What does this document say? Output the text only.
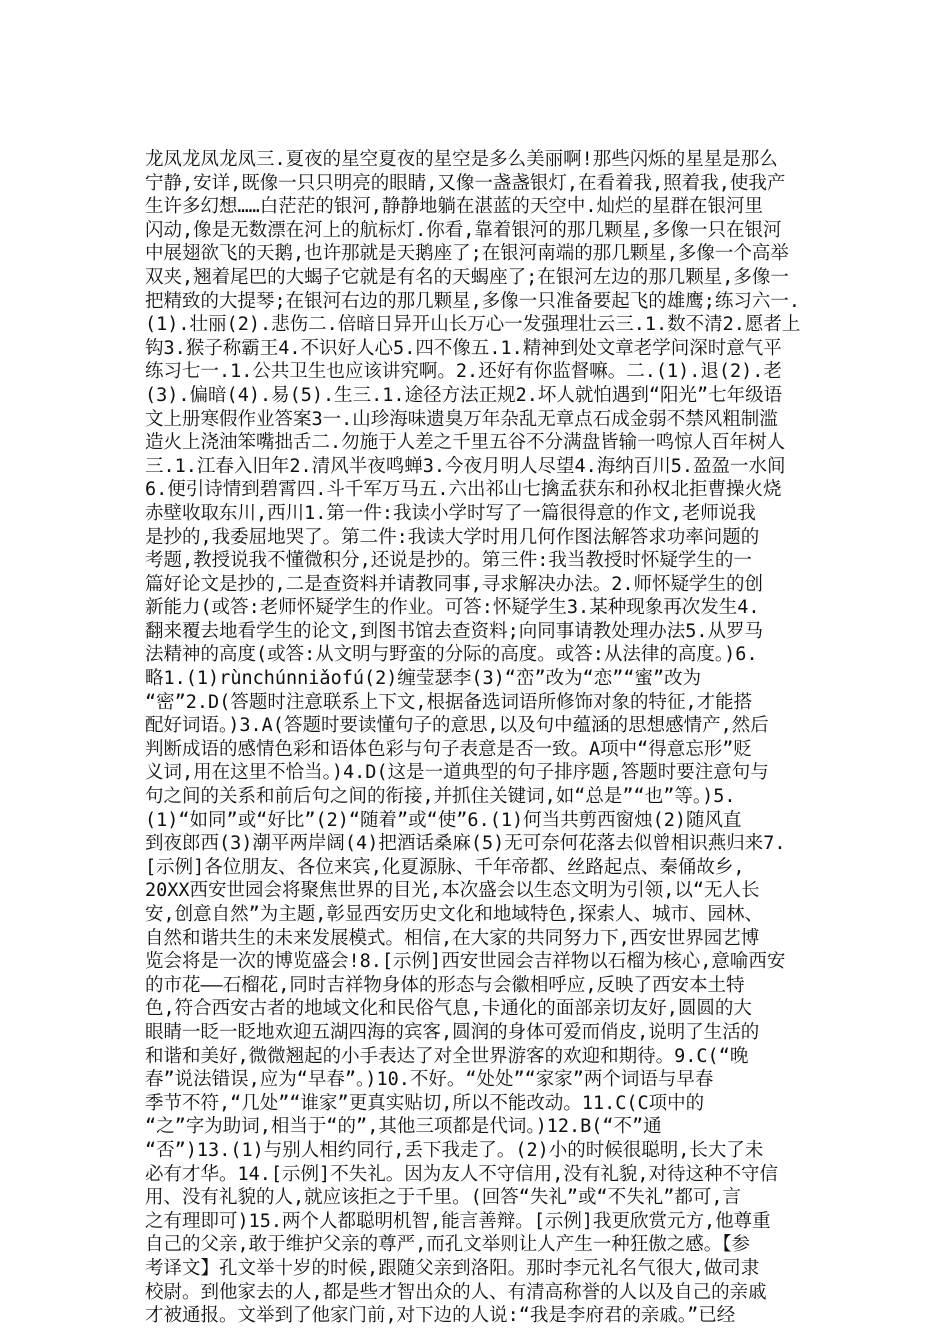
龙凤龙凤龙凤三.夏夜的星空夏夜的星空是多么美丽啊!那些闪烁的星星是那么
宁静,安详,既像一只只明亮的眼睛,又像一盏盏银灯,在看着我,照着我,使我产
生许多幻想……白茫茫的银河,静静地躺在湛蓝的天空中.灿烂的星群在银河里
闪动,像是无数漂在河上的航标灯.你看,靠着银河的那几颗星,多像一只在银河
中展翅欲飞的天鹅,也许那就是天鹅座了;在银河南端的那几颗星,多像一个高举
双夹,翘着尾巴的大蝎子它就是有名的天蝎座了;在银河左边的那几颗星,多像一
把精致的大提琴;在银河右边的那几颗星,多像一只准备要起飞的雄鹰;练习六一.
(1).壮丽(2).悲伤二.倍暗日异开山长万心一发强理壮云三.1.数不清2.愿者上
钩3.猴子称霸王4.不识好人心5.四不像五.1.精神到处文章老学问深时意气平
练习七一.1.公共卫生也应该讲究啊。2.还好有你监督嘛。二.(1).退(2).老
(3).偏暗(4).易(5).生三.1.途径方法正规2.坏人就怕遇到“阳光”七年级语
文上册寒假作业答案3一.山珍海味遗臭万年杂乱无章点石成金弱不禁风粗制滥
造火上浇油笨嘴拙舌二.勿施于人差之千里五谷不分满盘皆输一鸣惊人百年树人
三.1.江春入旧年2.清风半夜鸣蝉3.今夜月明人尽望4.海纳百川5.盈盈一水间
6.便引诗情到碧霄四.斗千军万马五.六出祁山七擒孟获东和孙权北拒曹操火烧
赤壁收取东川,西川1.第一件:我读小学时写了一篇很得意的作文,老师说我
是抄的,我委屈地哭了。第二件:我读大学时用几何作图法解答求功率问题的
考题,教授说我不懂微积分,还说是抄的。第三件:我当教授时怀疑学生的一
篇好论文是抄的,二是查资料并请教同事,寻求解决办法。2.师怀疑学生的创
新能力(或答:老师怀疑学生的作业。可答:怀疑学生3.某种现象再次发生4.
翻来覆去地看学生的论文,到图书馆去查资料;向同事请教处理办法5.从罗马
法精神的高度(或答:从文明与野蛮的分际的高度。或答:从法律的高度。)6.
略1.(1)rùnchúnniǎofú(2)缠莹瑟李(3)“峦”改为“恋”“蜜”改为
“密”2.D(答题时注意联系上下文,根据备选词语所修饰对象的特征,才能搭
配好词语。)3.A(答题时要读懂句子的意思,以及句中蕴涵的思想感情产,然后
判断成语的感情色彩和语体色彩与句子表意是否一致。A项中“得意忘形”贬
义词,用在这里不恰当。)4.D(这是一道典型的句子排序题,答题时要注意句与
句之间的关系和前后句之间的衔接,并抓住关键词,如“总是”“也”等。)5.
(1)“如同”或“好比”(2)“随着”或“使”6.(1)何当共剪西窗烛(2)随风直
到夜郎西(3)潮平两岸阔(4)把酒话桑麻(5)无可奈何花落去似曾相识燕归来7.
[示例]各位朋友、各位来宾,化夏源脉、千年帝都、丝路起点、秦俑故乡,
20XX西安世园会将聚焦世界的目光,本次盛会以生态文明为引领,以“无人长
安,创意自然”为主题,彰显西安历史文化和地域特色,探索人、城市、园林、
自然和谐共生的未来发展模式。相信,在大家的共同努力下,西安世界园艺博
览会将是一次的博览盛会!8.[示例]西安世园会吉祥物以石榴为核心,意喻西安
的市花——石榴花,同时吉祥物身体的形态与会徽相呼应,反映了西安本土特
色,符合西安古者的地域文化和民俗气息,卡通化的面部亲切友好,圆圆的大
眼睛一眨一眨地欢迎五湖四海的宾客,圆润的身体可爱而俏皮,说明了生活的
和谐和美好,微微翘起的小手表达了对全世界游客的欢迎和期待。9.C(“晚
春”说法错误,应为“早春”。)10.不好。“处处”“家家”两个词语与早春
季节不符,“几处”“谁家”更真实贴切,所以不能改动。11.C(C项中的
“之”字为助词,相当于“的”,其他三项都是代词。)12.B(“不”通
“否”)13.(1)与别人相约同行,丢下我走了。(2)小的时候很聪明,长大了未
必有才华。14.[示例]不失礼。因为友人不守信用,没有礼貌,对待这种不守信
用、没有礼貌的人,就应该拒之于千里。(回答“失礼”或“不失礼”都可,言
之有理即可)15.两个人都聪明机智,能言善辩。[示例]我更欣赏元方,他尊重
自己的父亲,敢于维护父亲的尊严,而孔文举则让人产生一种狂傲之感。【参
考译文】孔文举十岁的时候,跟随父亲到洛阳。那时李元礼名气很大,做司隶
校尉。到他家去的人,都是些才智出众的人、有清高称誉的人以及自己的亲戚
才被通报。文举到了他家门前,对下边的人说:“我是李府君的亲戚。”已经
